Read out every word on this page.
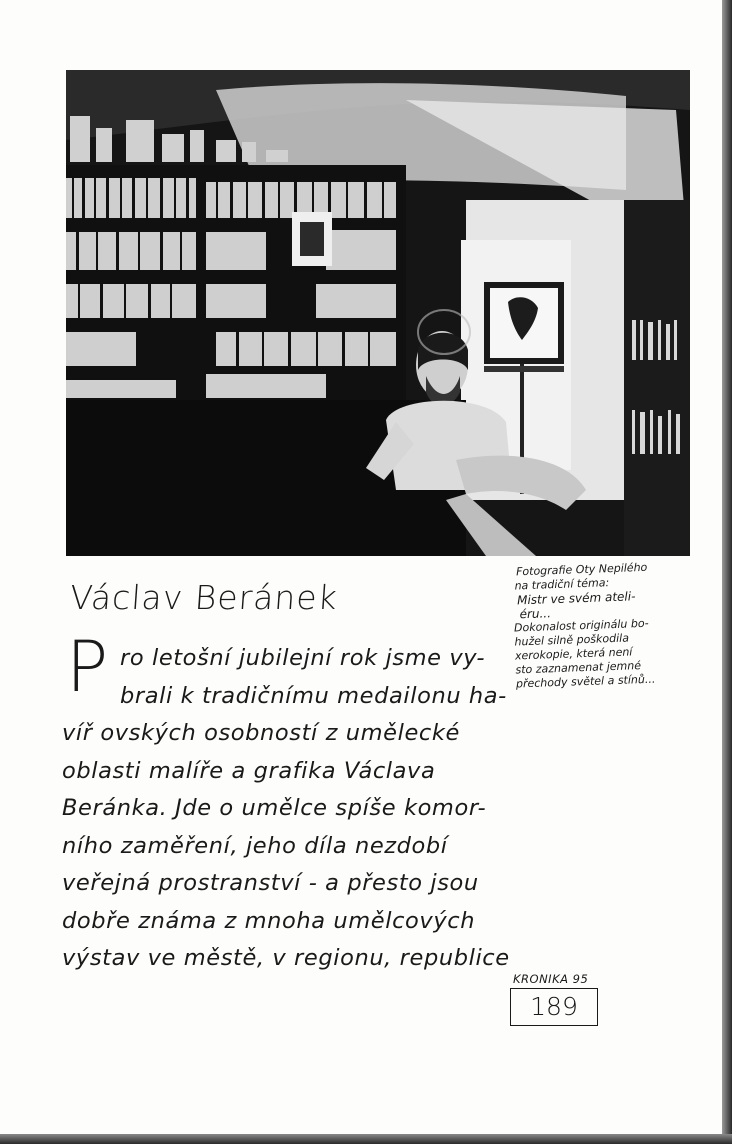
Václav Beránek
P ro letošní jubilejní rok jsme vy-
brali k tradičnímu medailonu ha-
víř ovských osobností z umělecké
oblasti malíře a grafika Václava
Beránka. Jde o umělce spíše komor-
ního zaměření, jeho díla nezdobí
veřejná prostranství - a přesto jsou
dobře známa z mnoha umělcových
výstav ve městě, v regionu, republice
Fotografie Oty Nepilého
na tradiční téma:
Mistr ve svém ateli-
éru...
Dokonalost originálu bo-
hužel silně poškodila
xerokopie, která není
sto zaznamenat jemné
přechody světel a stínů...
KRONIKA 95
189
